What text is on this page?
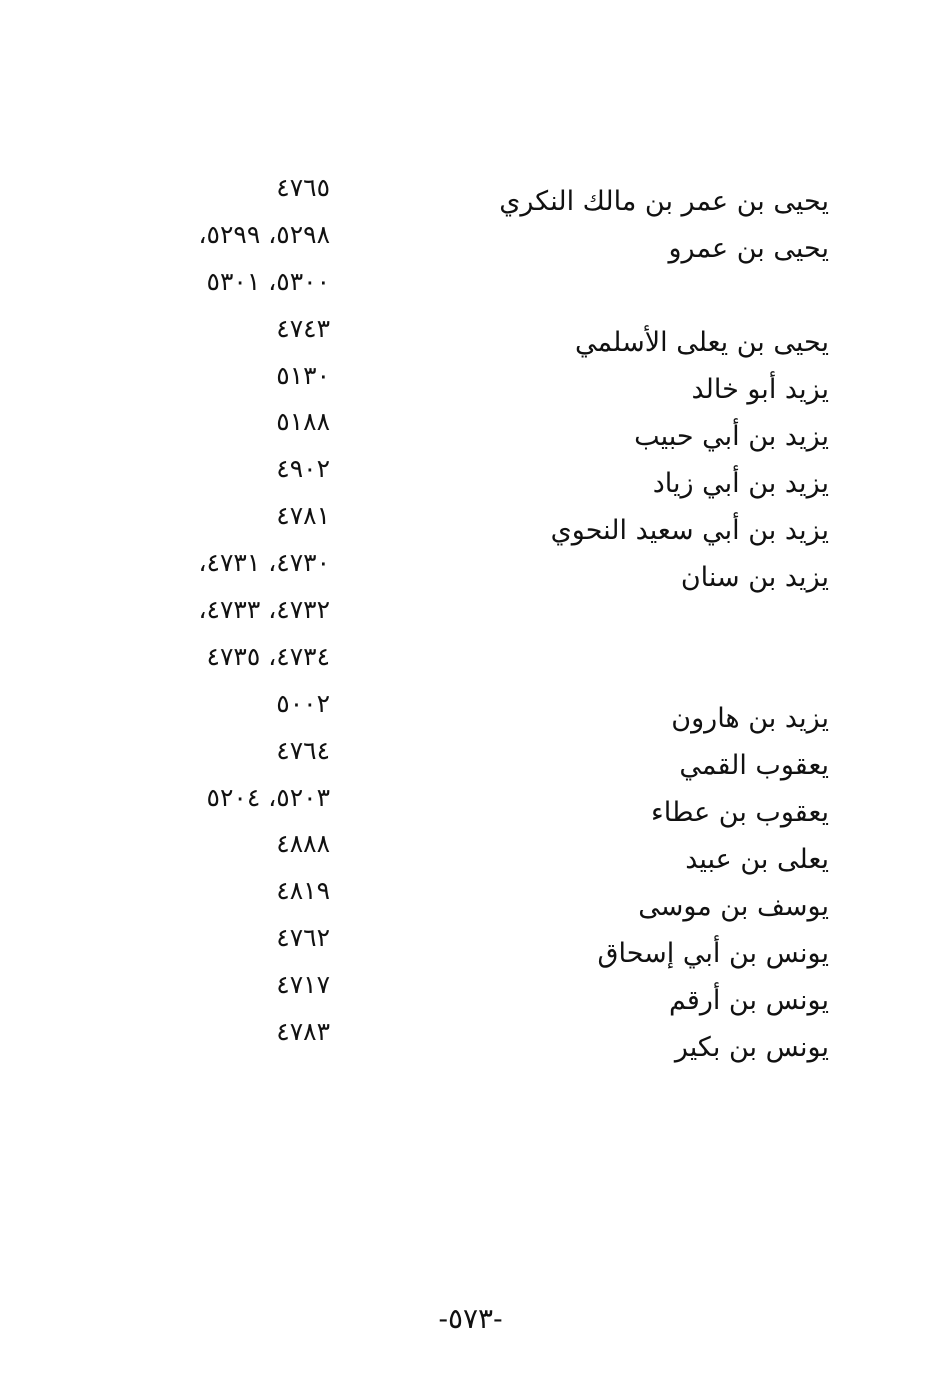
يحيى بن عمر بن مالك النكري
يحيى بن عمرو
يحيى بن يعلى الأسلمي
يزيد أبو خالد
يزيد بن أبي حبيب
يزيد بن أبي زياد
يزيد بن أبي سعيد النحوي
يزيد بن سنان
يزيد بن هارون
يعقوب القمي
يعقوب بن عطاء
يعلى بن عبيد
يوسف بن موسى
يونس بن أبي إسحاق
يونس بن أرقم
يونس بن بكير
٤٧٦٥
٥٢٩٨، ٥٢٩٩،
٥٣٠٠، ٥٣٠١
٤٧٤٣
٥١٣٠
٥١٨٨
٤٩٠٢
٤٧٨١
٤٧٣٠، ٤٧٣١،
٤٧٣٢، ٤٧٣٣،
٤٧٣٤، ٤٧٣٥
٥٠٠٢
٤٧٦٤
٥٢٠٣، ٥٢٠٤
٤٨٨٨
٤٨١٩
٤٧٦٢
٤٧١٧
٤٧٨٣
-٥٧٣-
